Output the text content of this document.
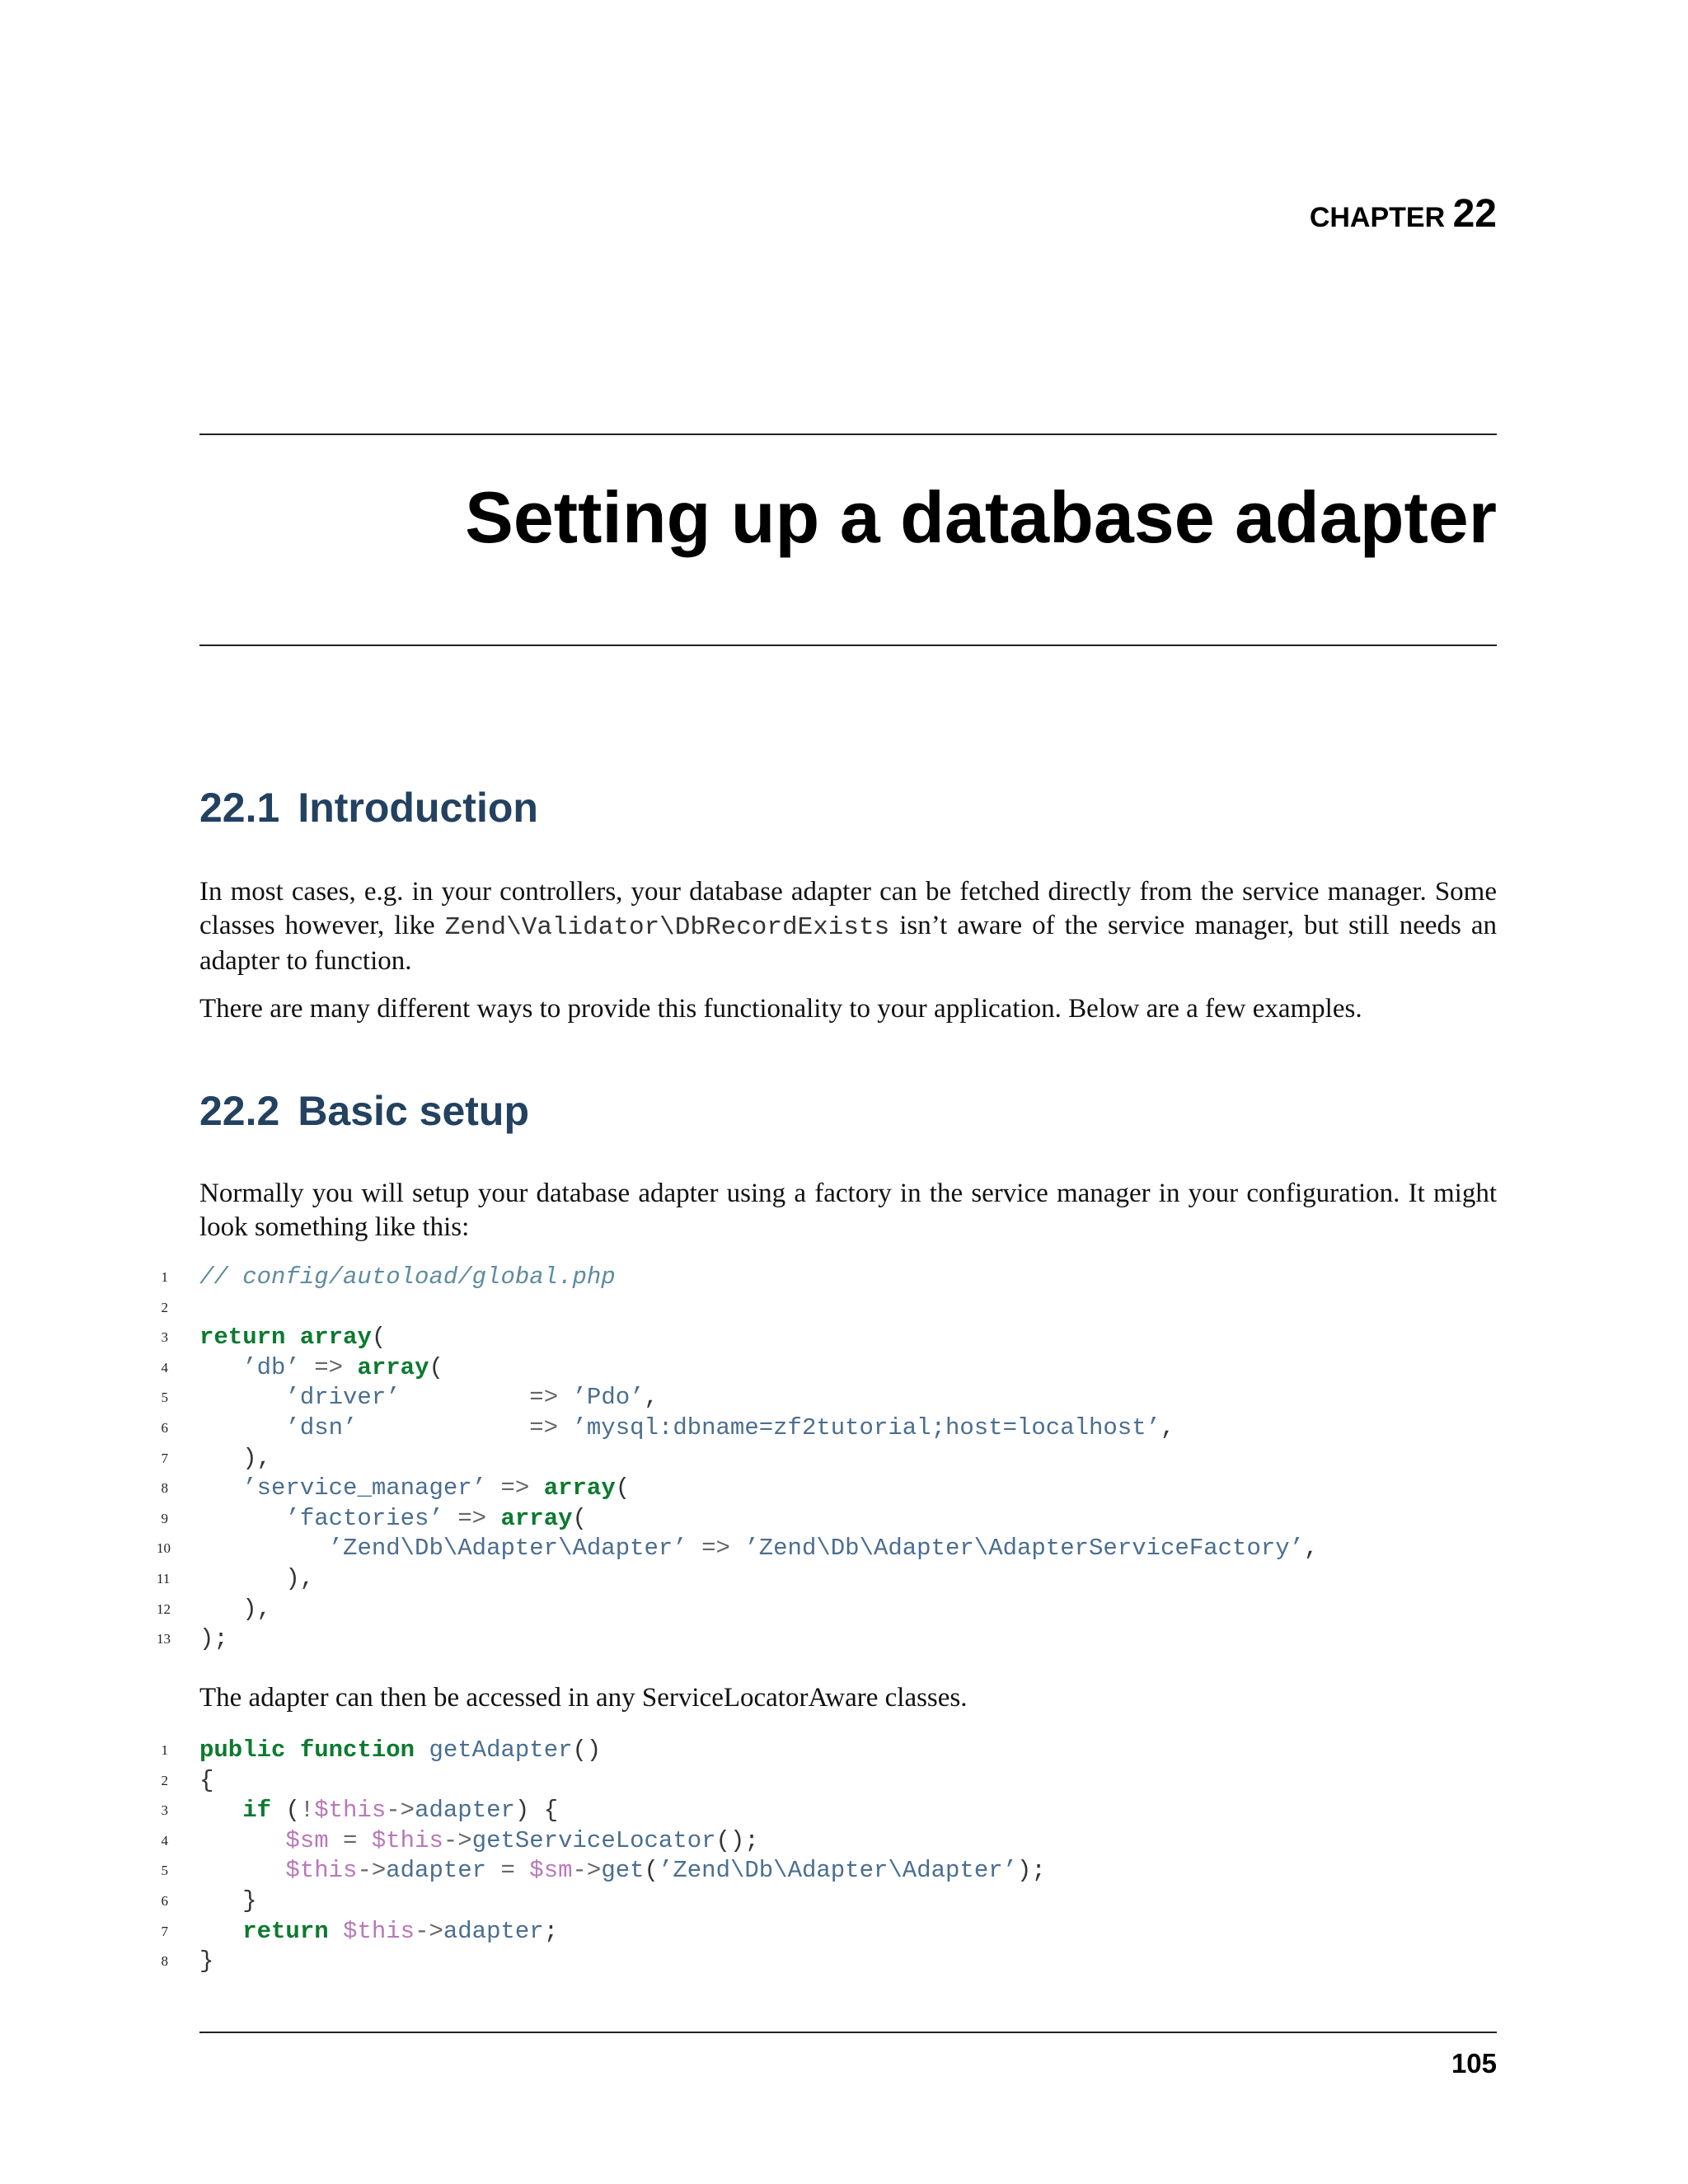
CHAPTER 22
Setting up a database adapter
22.1 Introduction

In most cases, e.g. in your controllers, your database adapter can be fetched directly from the service manager. Some classes however, like Zend\Validator\DbRecordExists isn’t aware of the service manager, but still needs an adapter to function.

There are many different ways to provide this functionality to your application. Below are a few examples.

22.2 Basic setup

Normally you will setup your database adapter using a factory in the service manager in your configuration. It might look something like this:

1 // config/autoload/global.php
2
3 return array(
4	’db’ => array(
5	’driver’	=> ’Pdo’,
6	’dsn’	=> ’mysql:dbname=zf2tutorial;host=localhost’,
7	),
8	’service_manager’ => array(
9	’factories’ => array(
10	’Zend\Db\Adapter\Adapter’ => ’Zend\Db\Adapter\AdapterServiceFactory’,
11	),
12	),
13 );

The adapter can then be accessed in any ServiceLocatorAware classes.

1 public function getAdapter()
2 {
3	if (!$this->adapter) {
4	$sm = $this->getServiceLocator();
5	$this->adapter = $sm->get(’Zend\Db\Adapter\Adapter’);
6	}
7	return $this->adapter;
8 }
105
